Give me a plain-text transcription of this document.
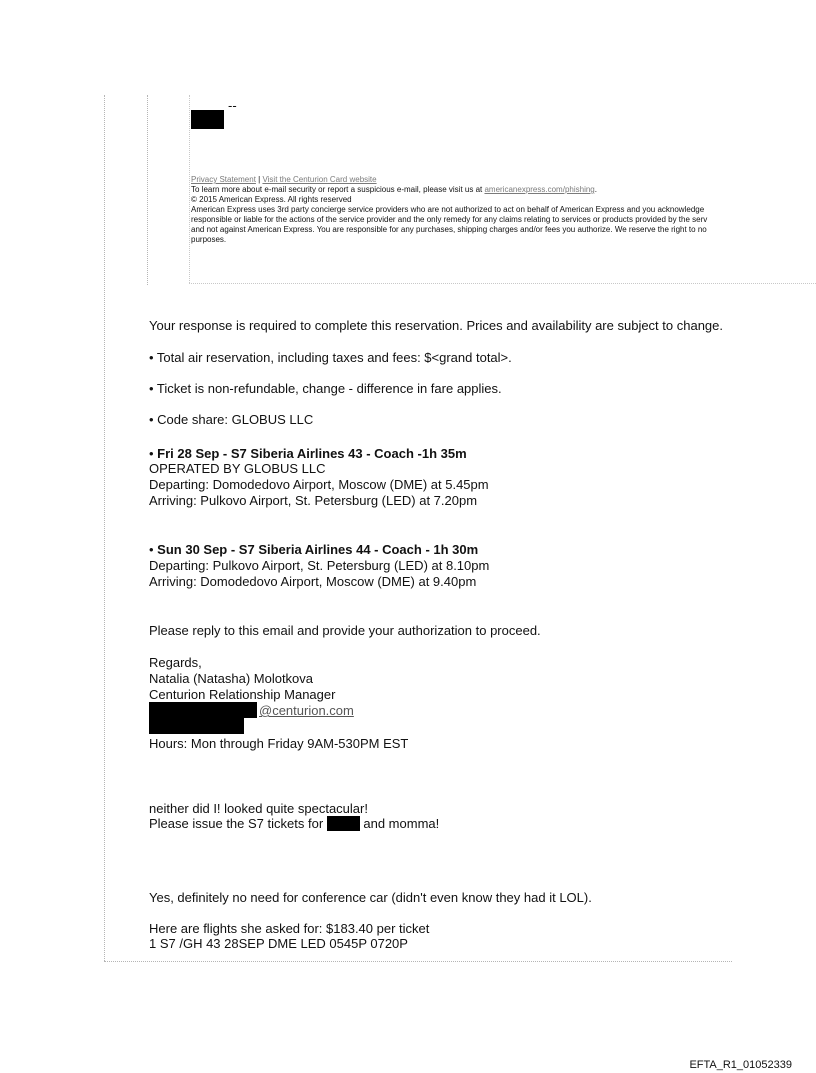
--
Privacy Statement | Visit the Centurion Card website
To learn more about e-mail security or report a suspicious e-mail, please visit us at americanexpress.com/phishing.
© 2015 American Express. All rights reserved
American Express uses 3rd party concierge service providers who are not authorized to act on behalf of American Express and you acknowledge
responsible or liable for the actions of the service provider and the only remedy for any claims relating to services or products provided by the serv
and not against American Express. You are responsible for any purchases, shipping charges and/or fees you authorize. We reserve the right to no
purposes.
Your response is required to complete this reservation. Prices and availability are subject to change.
• Total air reservation, including taxes and fees: $<grand total>.
• Ticket is non-refundable, change - difference in fare applies.
• Code share: GLOBUS LLC
• Fri 28 Sep - S7 Siberia Airlines 43 - Coach -1h 35m
OPERATED BY GLOBUS LLC
Departing: Domodedovo Airport, Moscow (DME) at 5.45pm
Arriving: Pulkovo Airport, St. Petersburg (LED) at 7.20pm
• Sun 30 Sep - S7 Siberia Airlines 44 - Coach - 1h 30m
Departing: Pulkovo Airport, St. Petersburg (LED) at 8.10pm
Arriving: Domodedovo Airport, Moscow (DME) at 9.40pm
Please reply to this email and provide your authorization to proceed.
Regards,
Natalia (Natasha) Molotkova
Centurion Relationship Manager
@centurion.com
Hours: Mon through Friday 9AM-530PM EST
neither did I! looked quite spectacular!
Please issue the S7 tickets for	and momma!
Yes, definitely no need for conference car (didn't even know they had it LOL).
Here are flights she asked for: $183.40 per ticket
1 S7 /GH 43 28SEP DME LED 0545P 0720P
EFTA_R1_01052339
